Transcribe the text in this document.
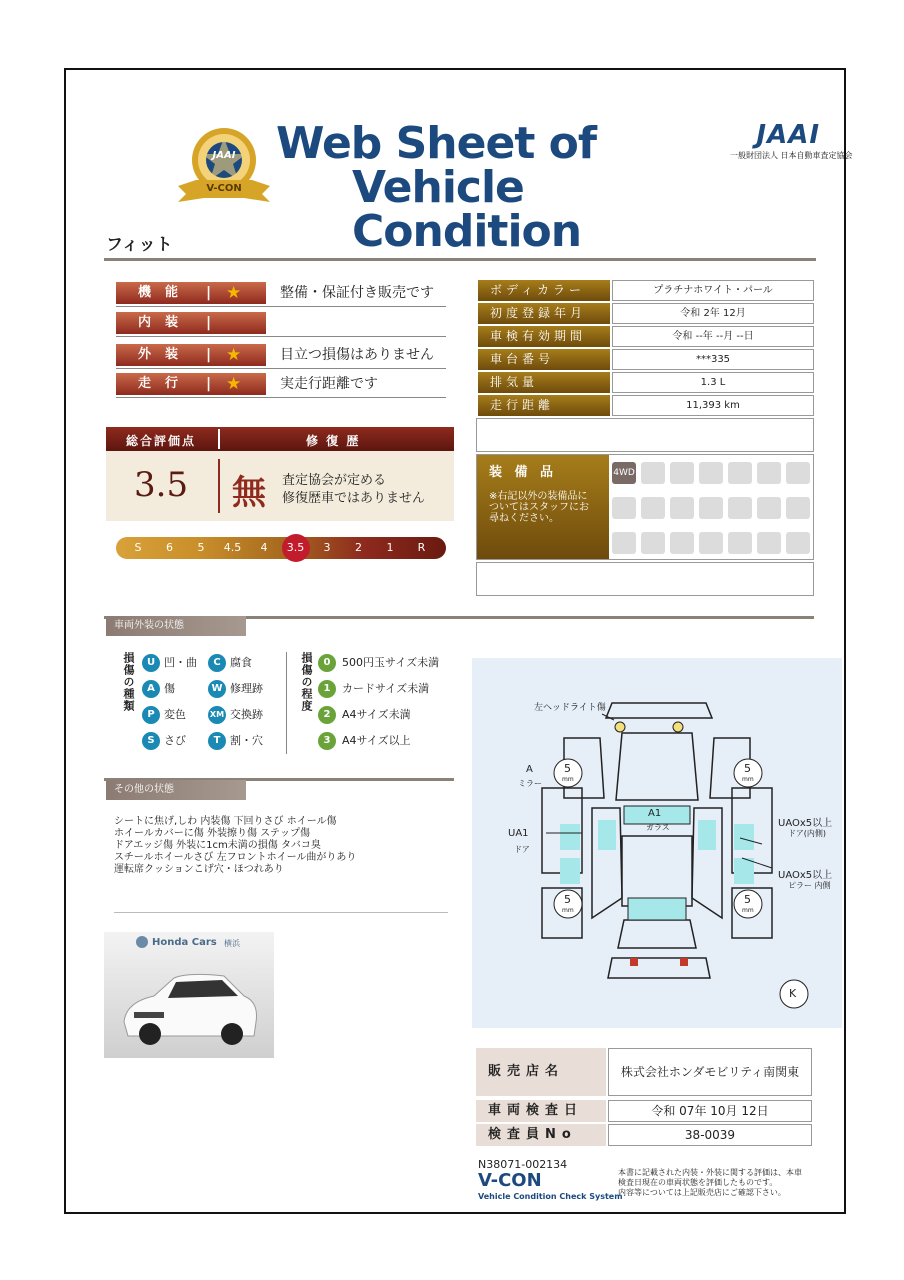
JAAI
V-CON
Web Sheet of
Vehicle Condition
JAAI
一般財団法人 日本自動車査定協会
フィット
機能 | ★	整備・保証付き販売です
内装 |
外装 | ★	目立つ損傷はありません
走行 | ★	実走行距離です
総合評価点	修 復 歴
3.5 無 査定協会が定める
修復歴車ではありません
ボディカラー	プラチナホワイト・パール
初度登録年月	令和 2年 12月
車検有効期間	令和 --年 --月 --日
車台番号	***335
排気量	1.3 L
走行距離	11,393 km
装 備 品
※右記以外の装備品についてはスタッフにお尋ねください。
4WD
車両外装の状態
損傷の種類	損傷の程度
その他の状態
シートに焦げ,しわ 内装傷 下回りさび ホイール傷
ホイールカバーに傷 外装擦り傷 ステップ傷
ドアエッジ傷 外装に1cm未満の損傷 タバコ臭
スチールホイールさび 左フロントホイール曲がりあり
運転席クッションこげ穴・ほつれあり
Honda Cars 横浜
左ヘッドライト傷
A
ミラー
UA1
ドア
A1
ガラス	UAOx5以上
ドア(内側)
UAOx5以上
ピラー 内側
K
5
mm
5
mm
5
mm
5
mm
販売店名	株式会社ホンダモビリティ南関東
車両検査日	令和 07年 10月 12日
検査員No	38-0039
N38071-002134
V-CON
Vehicle Condition Check System
本書に記載された内装・外装に関する評価は、本車
検査日現在の車両状態を評価したものです。
内容等については上記販売店にご確認下さい。
S	6	5	4.5	4	3.5	3	2	1	R
U 凹・曲	C 腐食
A 傷	W 修理跡
P 変色	XM 交換跡
S さび	T 割・穴
0	500円玉サイズ未満
1	カードサイズ未満
2	A4サイズ未満
3	A4サイズ以上
